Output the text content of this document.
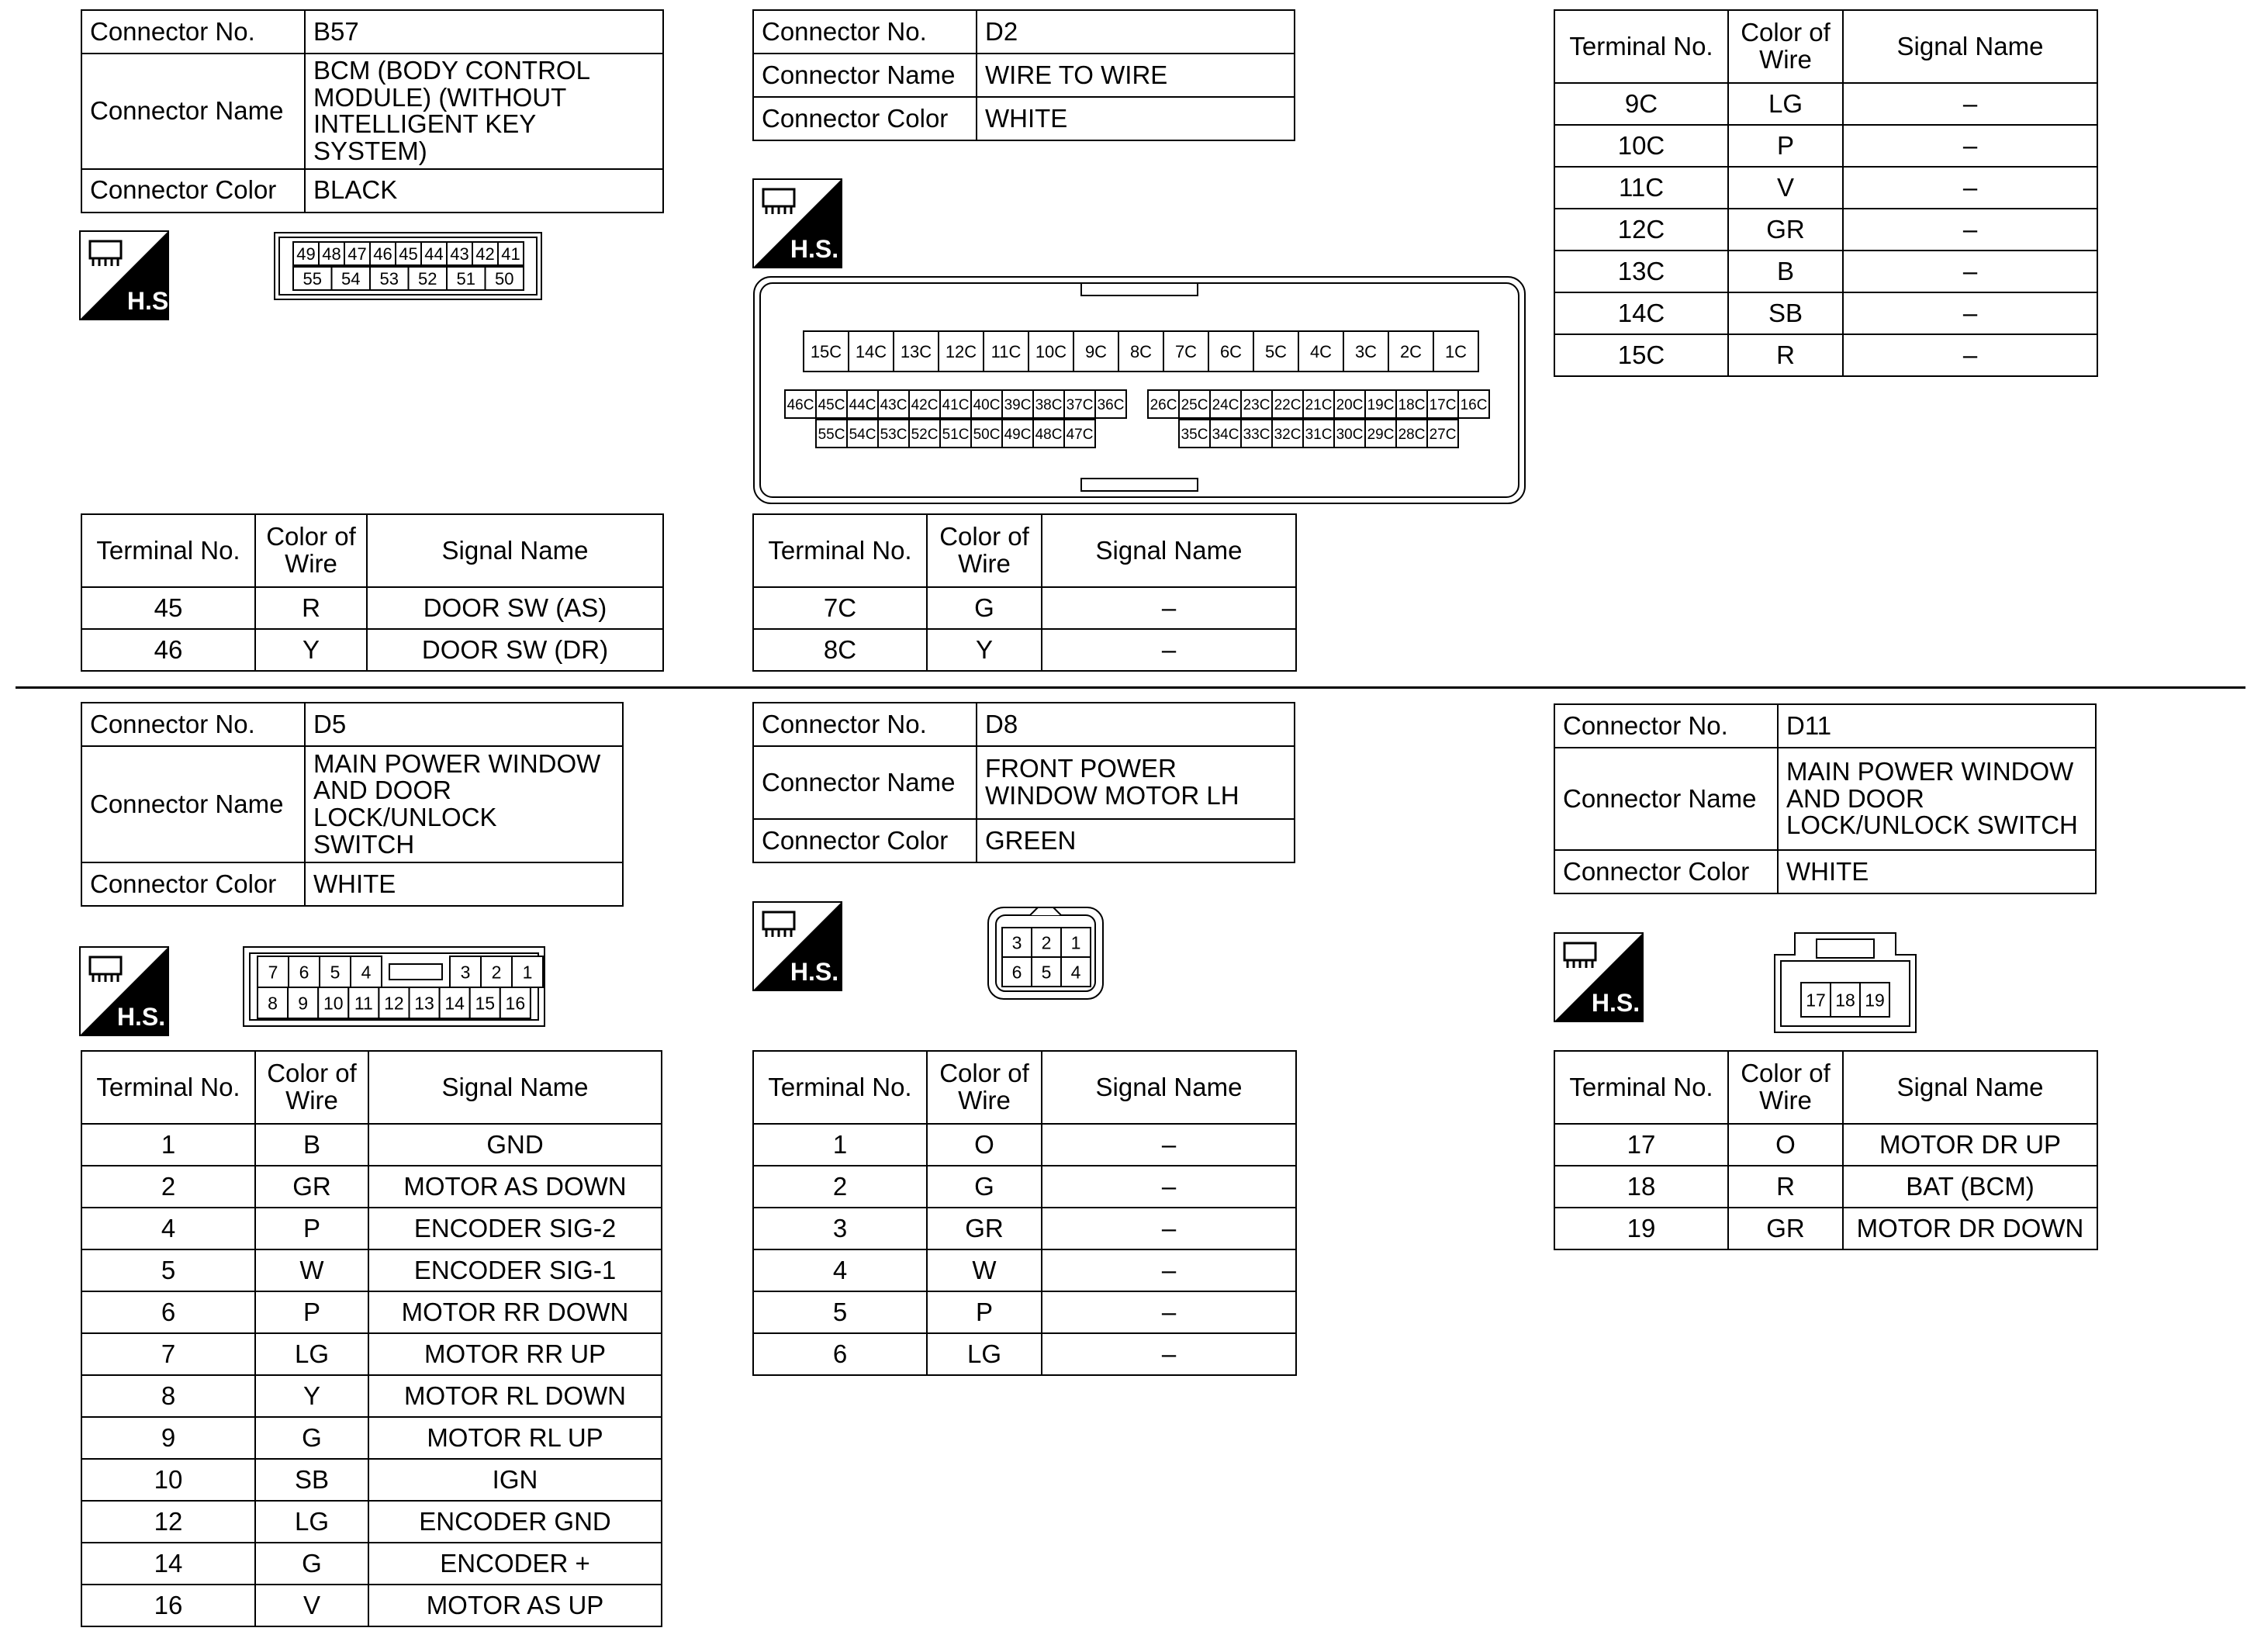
Connector No.	B57
Connector Name	BCM (BODY CONTROL
MODULE) (WITHOUT
INTELLIGENT KEY SYSTEM)
Connector Color	BLACK
H.S.
49 48 47 46 45 44 43 42 41
55 54 53 52 51 50
Terminal No.	Color of Wire	Signal Name
45	R	DOOR SW (AS)
46	Y	DOOR SW (DR)
Connector No.	D2
Connector Name	WIRE TO WIRE
Connector Color	WHITE
H.S.
15C 14C 13C 12C 11C 10C 9C 8C 7C 6C 5C 4C 3C 2C 1C
46C 45C 44C 43C 42C 41C 40C 39C 38C 37C 36C 26C 25C 24C 23C 22C 21C 20C 19C 18C 17C 16C
55C 54C 53C 52C 51C 50C 49C 48C 47C	35C 34C 33C 32C 31C 30C 29C 28C 27C
Terminal No.	Color of Wire	Signal Name
7C	G	–
8C	Y	–
Terminal No.	Color of Wire	Signal Name
9C	LG	–
10C	P	–
11C	V	–
12C	GR	–
13C	B	–
14C	SB	–
15C	R	–
Connector No.	D5
Connector Name	MAIN POWER WINDOW
AND DOOR
LOCK/UNLOCK
SWITCH
Connector Color	WHITE
H.S.
7 6 5 4	3 2 1
8 9 10 11 12 13 14 15 16
Terminal No.	Color of Wire	Signal Name
1	B	GND
2	GR	MOTOR AS DOWN
4	P	ENCODER SIG-2
5	W	ENCODER SIG-1
6	P	MOTOR RR DOWN
7	LG	MOTOR RR UP
8	Y	MOTOR RL DOWN
9	G	MOTOR RL UP
10	SB	IGN
12	LG	ENCODER GND
14	G	ENCODER +
16	V	MOTOR AS UP
Connector No.	D8
Connector Name	FRONT POWER
WINDOW MOTOR LH
Connector Color	GREEN
H.S.
3 2 1
6 5 4
Terminal No.	Color of Wire	Signal Name
1	O	–
2	G	–
3	GR	–
4	W	–
5	P	–
6	LG	–
Connector No.	D11
Connector Name	MAIN POWER WINDOW
AND DOOR
LOCK/UNLOCK SWITCH
Connector Color	WHITE
H.S.	17 18 19
Terminal No.	Color of Wire	Signal Name
17	O	MOTOR DR UP
18	R	BAT (BCM)
19	GR	MOTOR DR DOWN
